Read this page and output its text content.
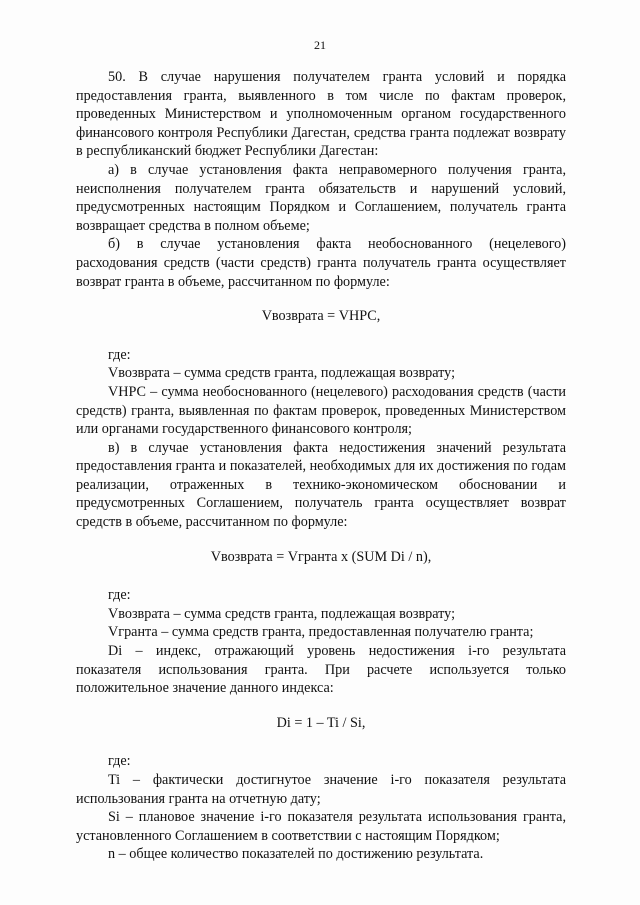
21

50. В случае нарушения получателем гранта условий и порядка предоставления гранта, выявленного в том числе по фактам проверок, проведенных Министерством и уполномоченным органом государственного финансового контроля Республики Дагестан, средства гранта подлежат возврату в республиканский бюджет Республики Дагестан:

а) в случае установления факта неправомерного получения гранта, неисполнения получателем гранта обязательств и нарушений условий, предусмотренных настоящим Порядком и Соглашением, получатель гранта возвращает средства в полном объеме;

б) в случае установления факта необоснованного (нецелевого) расходования средств (части средств) гранта получатель гранта осуществляет возврат гранта в объеме, рассчитанном по формуле:

Vвозврата = VНРС,

где:

Vвозврата – сумма средств гранта, подлежащая возврату;

VНРС – сумма необоснованного (нецелевого) расходования средств (части средств) гранта, выявленная по фактам проверок, проведенных Министерством или органами государственного финансового контроля;

в) в случае установления факта недостижения значений результата предоставления гранта и показателей, необходимых для их достижения по годам реализации, отраженных в технико-экономическом обосновании и предусмотренных Соглашением, получатель гранта осуществляет возврат средств в объеме, рассчитанном по формуле:

Vвозврата = Vгранта x (SUM Di / n),

где:

Vвозврата – сумма средств гранта, подлежащая возврату;

Vгранта – сумма средств гранта, предоставленная получателю гранта;

Di – индекс, отражающий уровень недостижения i-го результата показателя использования гранта. При расчете используется только положительное значение данного индекса:

Di = 1 – Ti / Si,

где:

Ti – фактически достигнутое значение i-го показателя результата использования гранта на отчетную дату;

Si – плановое значение i-го показателя результата использования гранта, установленного Соглашением в соответствии с настоящим Порядком;

n – общее количество показателей по достижению результата.
